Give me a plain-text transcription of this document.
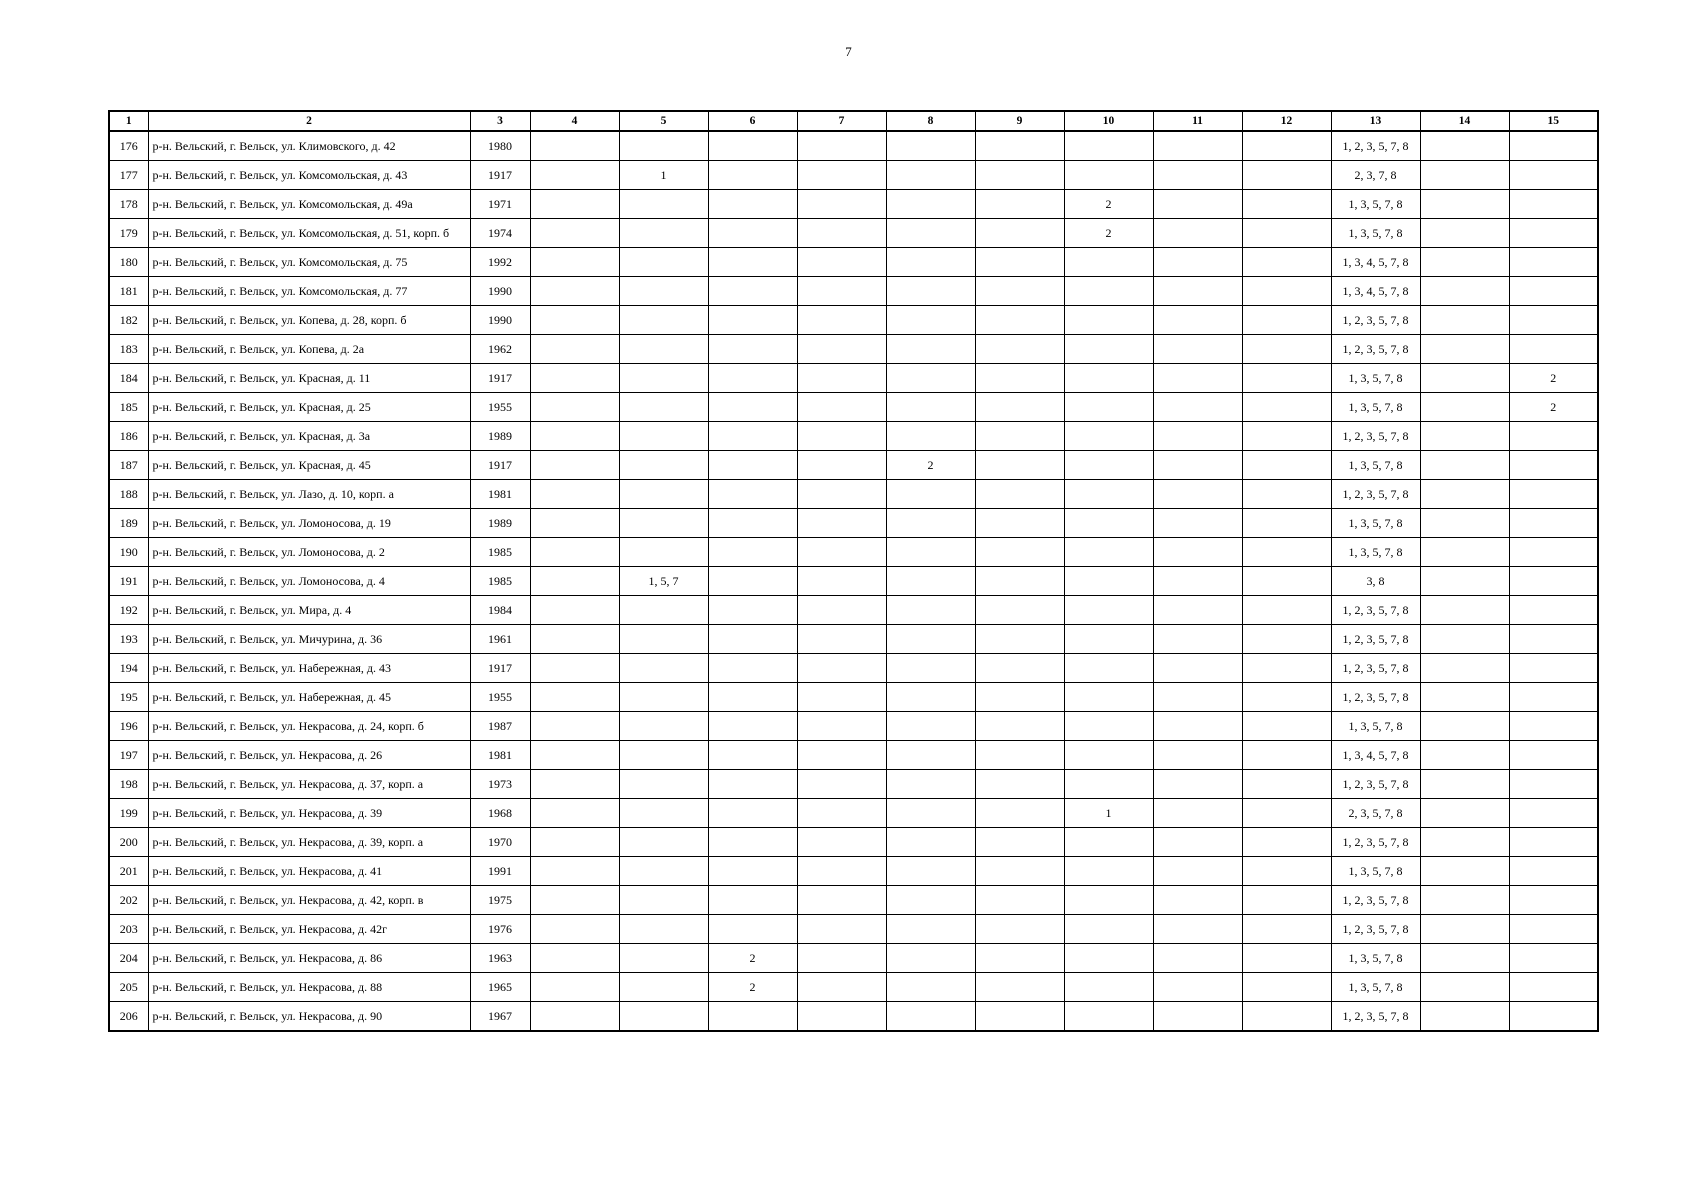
7
1	2	3	4	5	6	7	8	9	10	11	12	13	14	15
176	р-н. Вельский, г. Вельск, ул. Климовского, д. 42	1980										1, 2, 3, 5, 7, 8		
177	р-н. Вельский, г. Вельск, ул. Комсомольская, д. 43	1917		1								2, 3, 7, 8		
178	р-н. Вельский, г. Вельск, ул. Комсомольская, д. 49а	1971							2			1, 3, 5, 7, 8		
179	р-н. Вельский, г. Вельск, ул. Комсомольская, д. 51, корп. б	1974							2			1, 3, 5, 7, 8		
180	р-н. Вельский, г. Вельск, ул. Комсомольская, д. 75	1992										1, 3, 4, 5, 7, 8		
181	р-н. Вельский, г. Вельск, ул. Комсомольская, д. 77	1990										1, 3, 4, 5, 7, 8		
182	р-н. Вельский, г. Вельск, ул. Копева, д. 28, корп. б	1990										1, 2, 3, 5, 7, 8		
183	р-н. Вельский, г. Вельск, ул. Копева, д. 2а	1962										1, 2, 3, 5, 7, 8		
184	р-н. Вельский, г. Вельск, ул. Красная, д. 11	1917										1, 3, 5, 7, 8		2
185	р-н. Вельский, г. Вельск, ул. Красная, д. 25	1955										1, 3, 5, 7, 8		2
186	р-н. Вельский, г. Вельск, ул. Красная, д. 3а	1989										1, 2, 3, 5, 7, 8		
187	р-н. Вельский, г. Вельск, ул. Красная, д. 45	1917					2					1, 3, 5, 7, 8		
188	р-н. Вельский, г. Вельск, ул. Лазо, д. 10, корп. а	1981										1, 2, 3, 5, 7, 8		
189	р-н. Вельский, г. Вельск, ул. Ломоносова, д. 19	1989										1, 3, 5, 7, 8		
190	р-н. Вельский, г. Вельск, ул. Ломоносова, д. 2	1985										1, 3, 5, 7, 8		
191	р-н. Вельский, г. Вельск, ул. Ломоносова, д. 4	1985		1, 5, 7								3, 8		
192	р-н. Вельский, г. Вельск, ул. Мира, д. 4	1984										1, 2, 3, 5, 7, 8		
193	р-н. Вельский, г. Вельск, ул. Мичурина, д. 36	1961										1, 2, 3, 5, 7, 8		
194	р-н. Вельский, г. Вельск, ул. Набережная, д. 43	1917										1, 2, 3, 5, 7, 8		
195	р-н. Вельский, г. Вельск, ул. Набережная, д. 45	1955										1, 2, 3, 5, 7, 8		
196	р-н. Вельский, г. Вельск, ул. Некрасова, д. 24, корп. б	1987										1, 3, 5, 7, 8		
197	р-н. Вельский, г. Вельск, ул. Некрасова, д. 26	1981										1, 3, 4, 5, 7, 8		
198	р-н. Вельский, г. Вельск, ул. Некрасова, д. 37, корп. а	1973										1, 2, 3, 5, 7, 8		
199	р-н. Вельский, г. Вельск, ул. Некрасова, д. 39	1968							1			2, 3, 5, 7, 8		
200	р-н. Вельский, г. Вельск, ул. Некрасова, д. 39, корп. а	1970										1, 2, 3, 5, 7, 8		
201	р-н. Вельский, г. Вельск, ул. Некрасова, д. 41	1991										1, 3, 5, 7, 8		
202	р-н. Вельский, г. Вельск, ул. Некрасова, д. 42, корп. в	1975										1, 2, 3, 5, 7, 8		
203	р-н. Вельский, г. Вельск, ул. Некрасова, д. 42г	1976										1, 2, 3, 5, 7, 8		
204	р-н. Вельский, г. Вельск, ул. Некрасова, д. 86	1963			2							1, 3, 5, 7, 8		
205	р-н. Вельский, г. Вельск, ул. Некрасова, д. 88	1965			2							1, 3, 5, 7, 8		
206	р-н. Вельский, г. Вельск, ул. Некрасова, д. 90	1967										1, 2, 3, 5, 7, 8		
